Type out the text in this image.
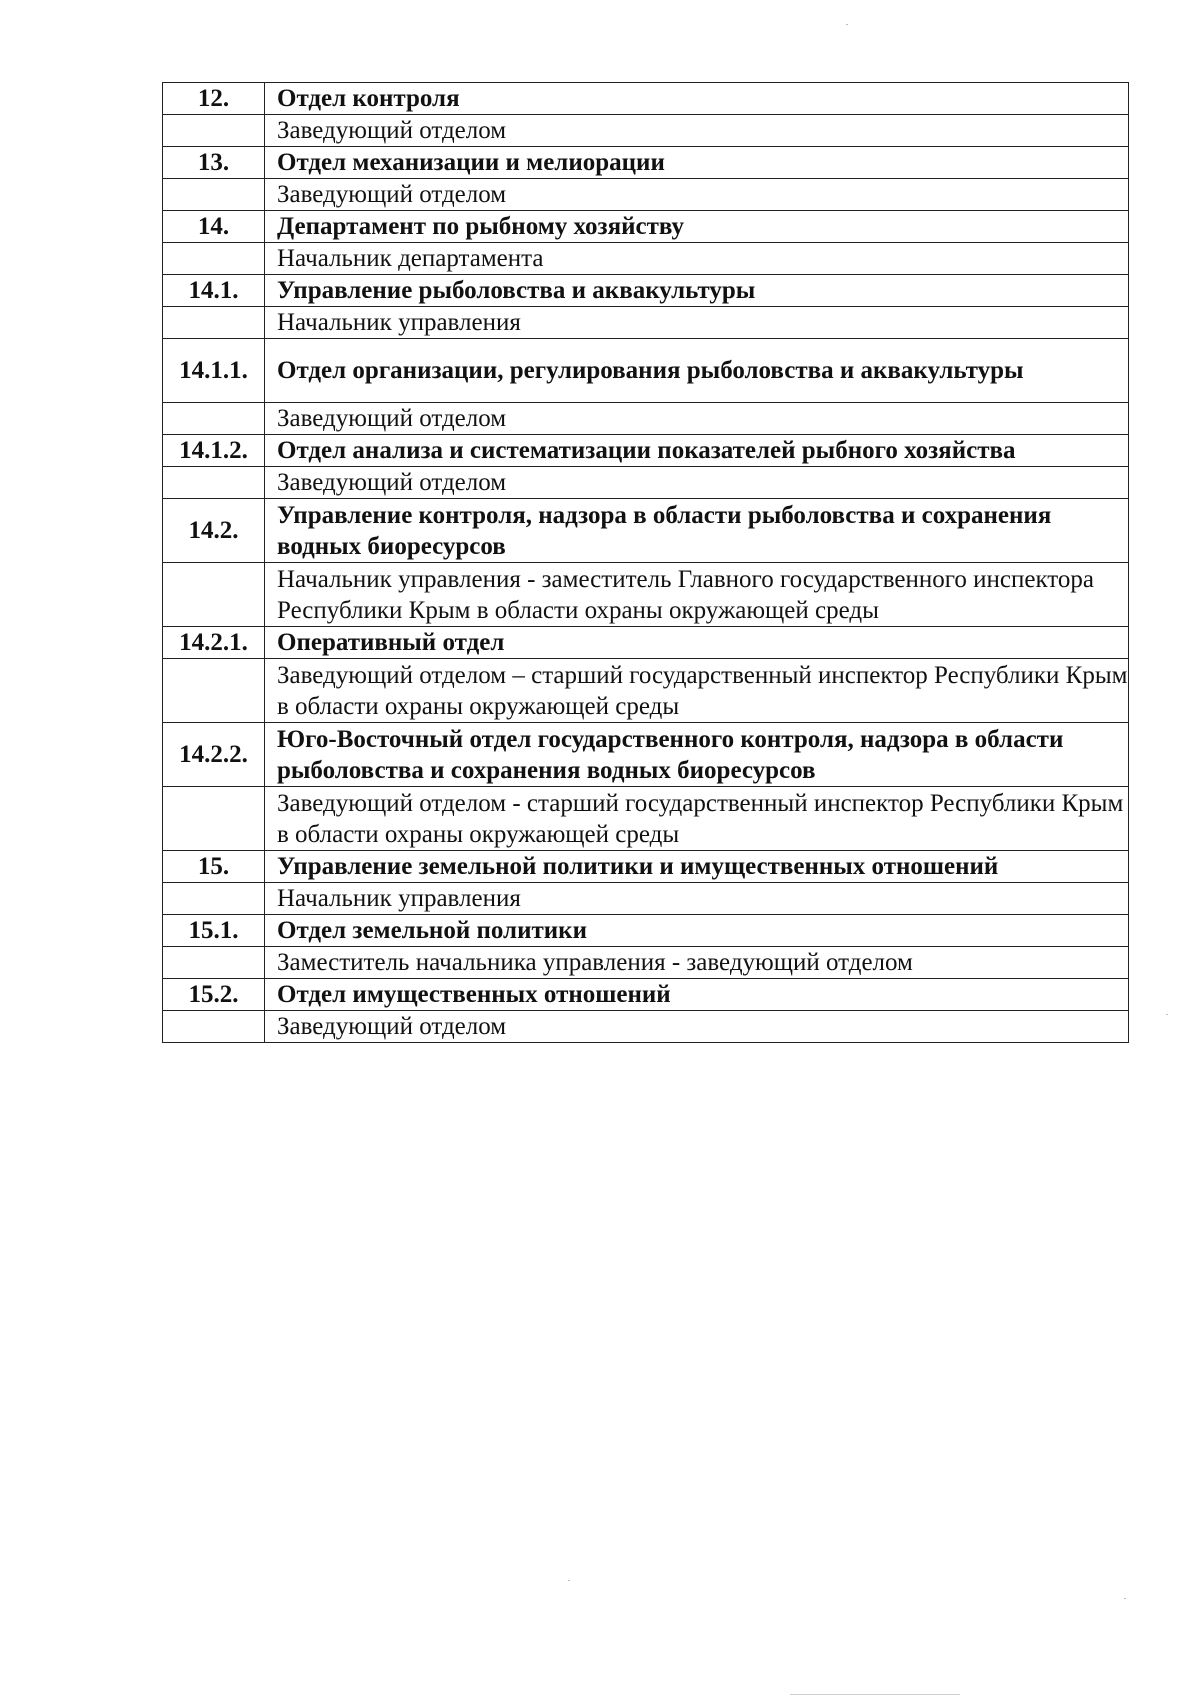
12.	Отдел контроля
	Заведующий отделом
13.	Отдел механизации и мелиорации
	Заведующий отделом
14.	Департамент по рыбному хозяйству
	Начальник департамента
14.1.	Управление рыболовства и аквакультуры
	Начальник управления
14.1.1.	Отдел организации, регулирования рыболовства и аквакультуры
	Заведующий отделом
14.1.2.	Отдел анализа и систематизации показателей рыбного хозяйства
	Заведующий отделом
14.2.	Управление контроля, надзора в области рыболовства и сохранения водных биоресурсов
	Начальник управления - заместитель Главного государственного инспектора Республики Крым в области охраны окружающей среды
14.2.1.	Оперативный отдел
	Заведующий отделом – старший государственный инспектор Республики Крым в области охраны окружающей среды
14.2.2.	Юго-Восточный отдел государственного контроля, надзора в области рыболовства и сохранения водных биоресурсов
	Заведующий отделом - старший государственный инспектор Республики Крым в области охраны окружающей среды
15.	Управление земельной политики и имущественных отношений
	Начальник управления
15.1.	Отдел земельной политики
	Заместитель начальника управления - заведующий отделом
15.2.	Отдел имущественных отношений
	Заведующий отделом
